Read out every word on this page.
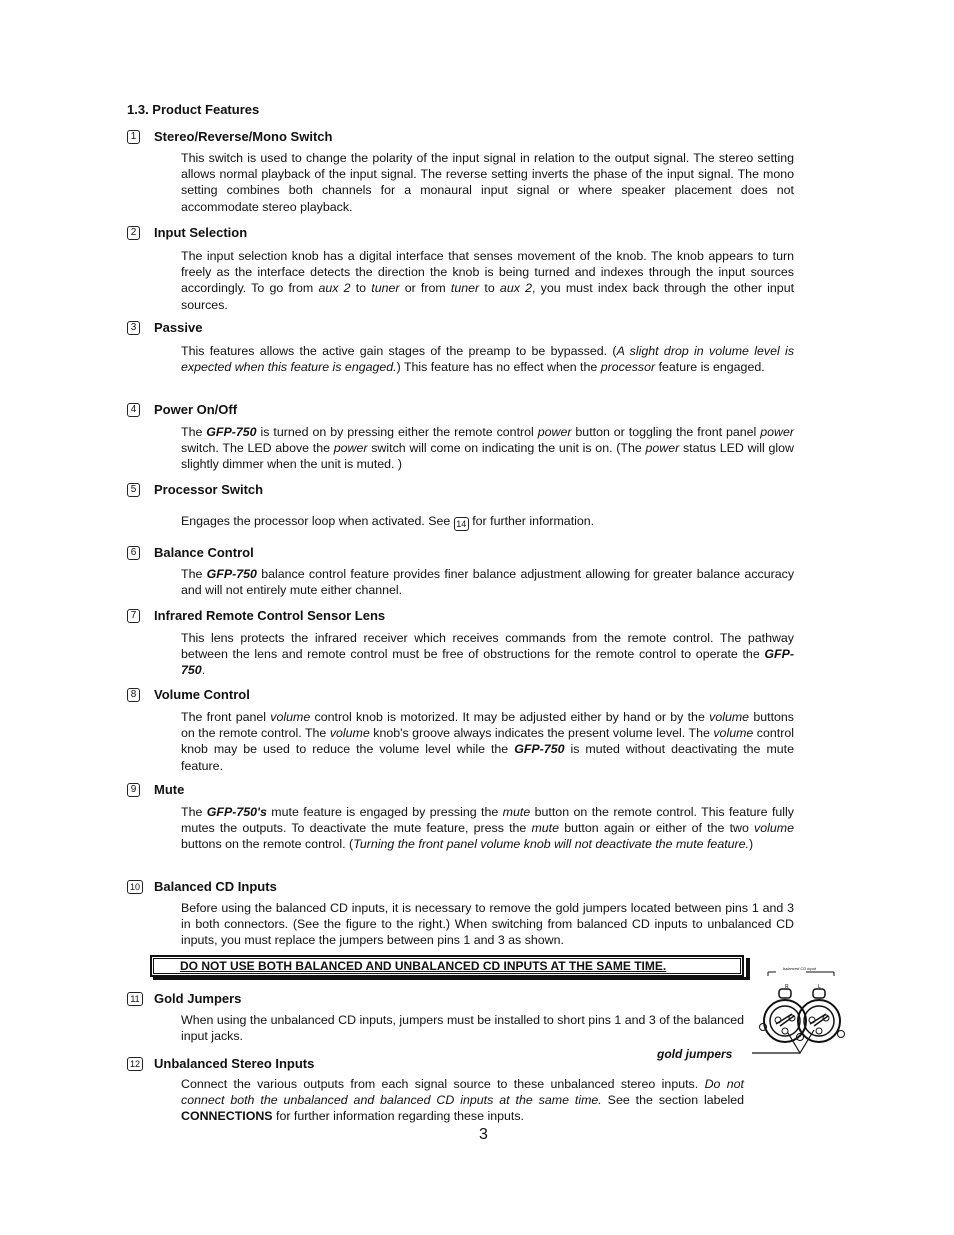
1.3. Product Features
1 Stereo/Reverse/Mono Switch

This switch is used to change the polarity of the input signal in relation to the output signal. The stereo setting allows normal playback of the input signal. The reverse setting inverts the phase of the input signal. The mono setting combines both channels for a monaural input signal or where speaker placement does not accommodate stereo playback.

2 Input Selection

The input selection knob has a digital interface that senses movement of the knob. The knob appears to turn freely as the interface detects the direction the knob is being turned and indexes through the input sources accordingly. To go from aux 2 to tuner or from tuner to aux 2, you must index back through the other input sources.

3 Passive

This features allows the active gain stages of the preamp to be bypassed. (A slight drop in volume level is expected when this feature is engaged.) This feature has no effect when the processor feature is engaged.

4 Power On/Off

The GFP-750 is turned on by pressing either the remote control power button or toggling the front panel power switch. The LED above the power switch will come on indicating the unit is on. (The power status LED will glow slightly dimmer when the unit is muted. )

5 Processor Switch

Engages the processor loop when activated. See 14 for further information.

6 Balance Control

The GFP-750 balance control feature provides finer balance adjustment allowing for greater balance accuracy and will not entirely mute either channel.

7 Infrared Remote Control Sensor Lens

This lens protects the infrared receiver which receives commands from the remote control. The pathway between the lens and remote control must be free of obstructions for the remote control to operate the GFP-750.

8 Volume Control

The front panel volume control knob is motorized. It may be adjusted either by hand or by the volume buttons on the remote control. The volume knob's groove always indicates the present volume level. The volume control knob may be used to reduce the volume level while the GFP-750 is muted without deactivating the mute feature.

9 Mute

The GFP-750's mute feature is engaged by pressing the mute button on the remote control. This feature fully mutes the outputs. To deactivate the mute feature, press the mute button again or either of the two volume buttons on the remote control. (Turning the front panel volume knob will not deactivate the mute feature.)

10 Balanced CD Inputs

Before using the balanced CD inputs, it is necessary to remove the gold jumpers located between pins 1 and 3 in both connectors. (See the figure to the right.) When switching from balanced CD inputs to unbalanced CD inputs, you must replace the jumpers between pins 1 and 3 as shown.

DO NOT USE BOTH BALANCED AND UNBALANCED CD INPUTS AT THE SAME TIME.
11 Gold Jumpers

When using the unbalanced CD inputs, jumpers must be installed to short pins 1 and 3 of the balanced input jacks.

12 Unbalanced Stereo Inputs

Connect the various outputs from each signal source to these unbalanced stereo inputs. Do not connect both the unbalanced and balanced CD inputs at the same time. See the section labeled CONNECTIONS for further information regarding these inputs.

balanced CD input
R	L
gold jumpers
3
